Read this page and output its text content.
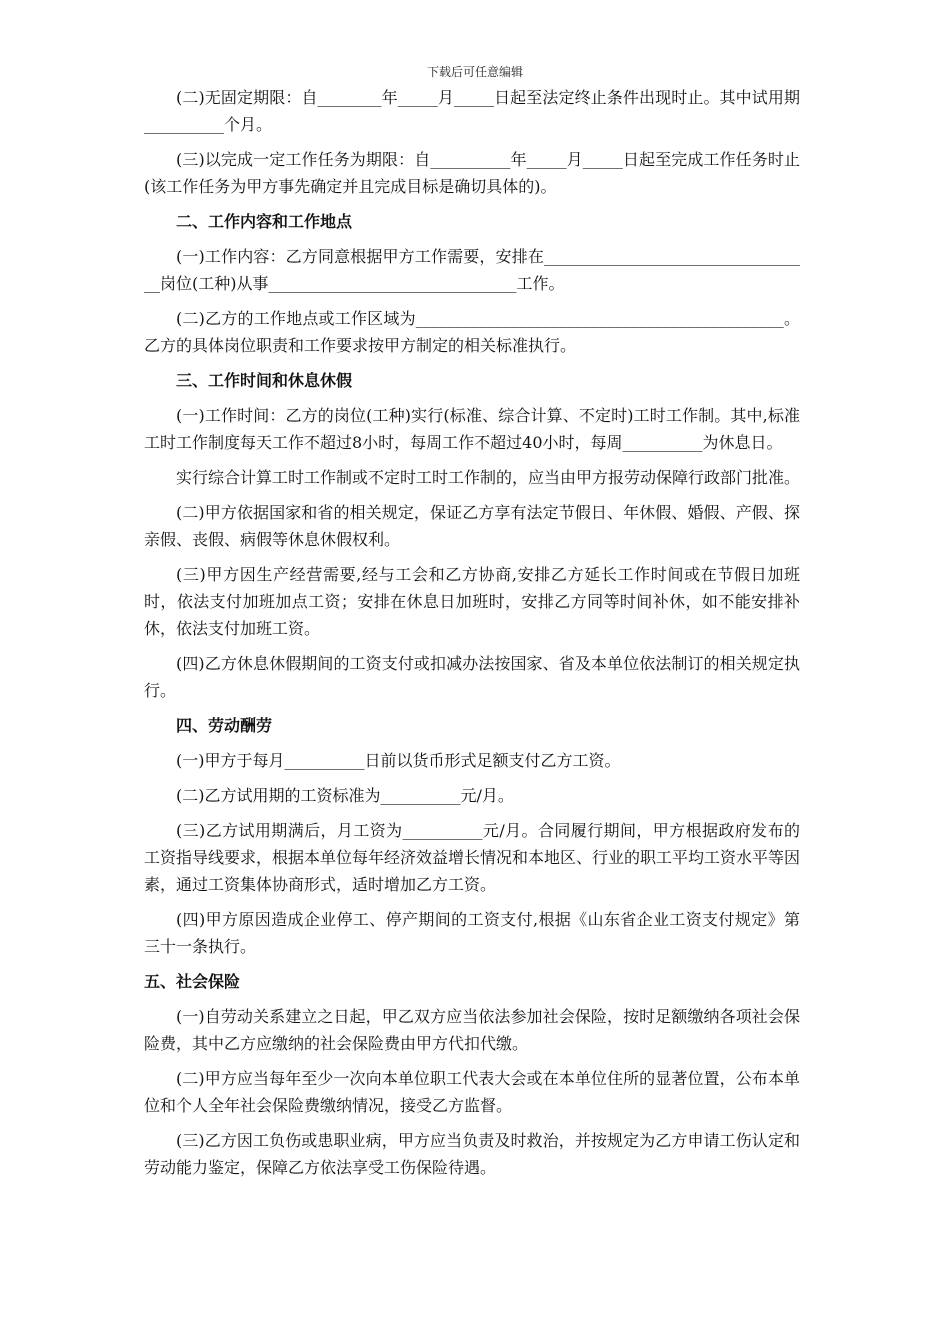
下载后可任意编辑

(二)无固定期限：自________年_____月_____日起至法定终止条件出现时止。其中试用期__________个月。

(三)以完成一定工作任务为期限：自__________年_____月_____日起至完成工作任务时止(该工作任务为甲方事先确定并且完成目标是确切具体的)。

二、工作内容和工作地点

(一)工作内容：乙方同意根据甲方工作需要，安排在__________________________________岗位(工种)从事_______________________________工作。

(二)乙方的工作地点或工作区域为______________________________________________。乙方的具体岗位职责和工作要求按甲方制定的相关标准执行。

三、工作时间和休息休假

(一)工作时间：乙方的岗位(工种)实行(标准、综合计算、不定时)工时工作制。其中,标准工时工作制度每天工作不超过8小时，每周工作不超过40小时，每周__________为休息日。

实行综合计算工时工作制或不定时工时工作制的，应当由甲方报劳动保障行政部门批准。

(二)甲方依据国家和省的相关规定，保证乙方享有法定节假日、年休假、婚假、产假、探亲假、丧假、病假等休息休假权利。

(三)甲方因生产经营需要,经与工会和乙方协商,安排乙方延长工作时间或在节假日加班时，依法支付加班加点工资；安排在休息日加班时，安排乙方同等时间补休，如不能安排补休，依法支付加班工资。

(四)乙方休息休假期间的工资支付或扣减办法按国家、省及本单位依法制订的相关规定执行。

四、劳动酬劳

(一)甲方于每月__________日前以货币形式足额支付乙方工资。

(二)乙方试用期的工资标准为__________元/月。

(三)乙方试用期满后，月工资为__________元/月。合同履行期间，甲方根据政府发布的工资指导线要求，根据本单位每年经济效益增长情况和本地区、行业的职工平均工资水平等因素，通过工资集体协商形式，适时增加乙方工资。

(四)甲方原因造成企业停工、停产期间的工资支付,根据《山东省企业工资支付规定》第三十一条执行。

五、社会保险

(一)自劳动关系建立之日起，甲乙双方应当依法参加社会保险，按时足额缴纳各项社会保险费，其中乙方应缴纳的社会保险费由甲方代扣代缴。

(二)甲方应当每年至少一次向本单位职工代表大会或在本单位住所的显著位置，公布本单位和个人全年社会保险费缴纳情况，接受乙方监督。

(三)乙方因工负伤或患职业病，甲方应当负责及时救治，并按规定为乙方申请工伤认定和劳动能力鉴定，保障乙方依法享受工伤保险待遇。
